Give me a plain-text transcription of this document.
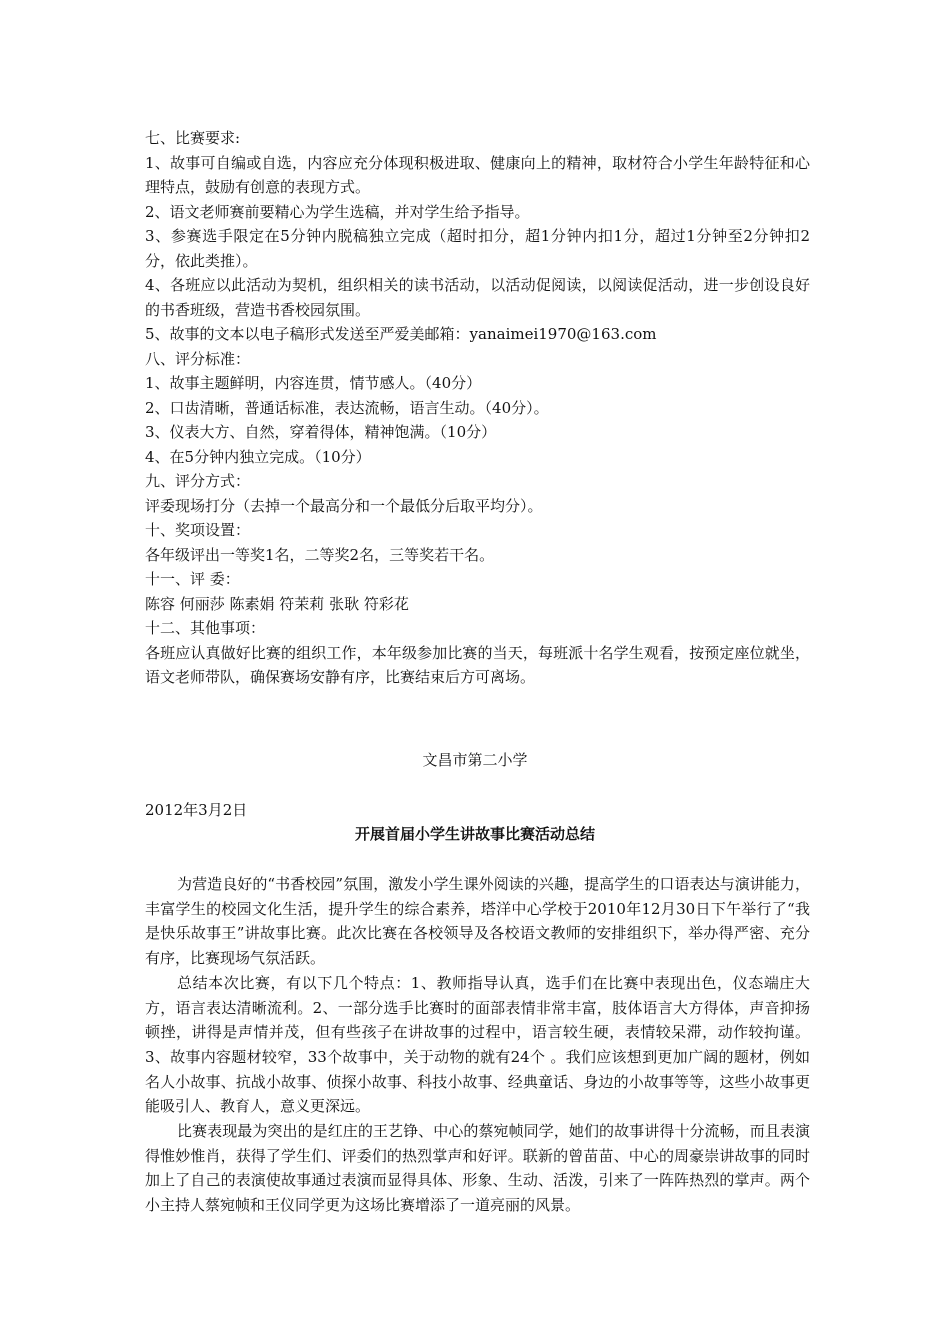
七、比赛要求:
1、故事可自编或自选，内容应充分体现积极进取、健康向上的精神，取材符合小学生年龄特征和心理特点，鼓励有创意的表现方式。
2、语文老师赛前要精心为学生选稿，并对学生给予指导。
3、参赛选手限定在5分钟内脱稿独立完成（超时扣分，超1分钟内扣1分，超过1分钟至2分钟扣2分，依此类推）。
4、各班应以此活动为契机，组织相关的读书活动，以活动促阅读，以阅读促活动，进一步创设良好的书香班级，营造书香校园氛围。
5、故事的文本以电子稿形式发送至严爱美邮箱：yanaimei1970@163.com
八、评分标准：
1、故事主题鲜明，内容连贯，情节感人。（40分）
2、口齿清晰，普通话标准，表达流畅，语言生动。（40分）。
3、仪表大方、自然，穿着得体，精神饱满。（10分）
4、在5分钟内独立完成。（10分）
九、评分方式：
评委现场打分（去掉一个最高分和一个最低分后取平均分）。
十、奖项设置：
各年级评出一等奖1名，二等奖2名，三等奖若干名。
十一、评 委：
陈容 何丽莎 陈素娟 符茉莉 张耿 符彩花
十二、其他事项：
各班应认真做好比赛的组织工作，本年级参加比赛的当天，每班派十名学生观看，按预定座位就坐，语文老师带队，确保赛场安静有序，比赛结束后方可离场。
文昌市第二小学
2012年3月2日
开展首届小学生讲故事比赛活动总结

为营造良好的“书香校园”氛围，激发小学生课外阅读的兴趣，提高学生的口语表达与演讲能力，丰富学生的校园文化生活，提升学生的综合素养，塔洋中心学校于2010年12月30日下午举行了“我是快乐故事王”讲故事比赛。此次比赛在各校领导及各校语文教师的安排组织下，举办得严密、充分有序，比赛现场气氛活跃。

总结本次比赛，有以下几个特点：1、教师指导认真，选手们在比赛中表现出色，仪态端庄大方，语言表达清晰流利。2、一部分选手比赛时的面部表情非常丰富，肢体语言大方得体，声音抑扬顿挫，讲得是声情并茂，但有些孩子在讲故事的过程中，语言较生硬，表情较呆滞，动作较拘谨。3、故事内容题材较窄，33个故事中，关于动物的就有24个 。我们应该想到更加广阔的题材，例如名人小故事、抗战小故事、侦探小故事、科技小故事、经典童话、身边的小故事等等，这些小故事更能吸引人、教育人，意义更深远。

比赛表现最为突出的是红庄的王艺铮、中心的蔡宛帧同学，她们的故事讲得十分流畅，而且表演得惟妙惟肖，获得了学生们、评委们的热烈掌声和好评。联新的曾苗苗、中心的周豪崇讲故事的同时加上了自己的表演使故事通过表演而显得具体、形象、生动、活泼，引来了一阵阵热烈的掌声。两个小主持人蔡宛帧和王仪同学更为这场比赛增添了一道亮丽的风景。
